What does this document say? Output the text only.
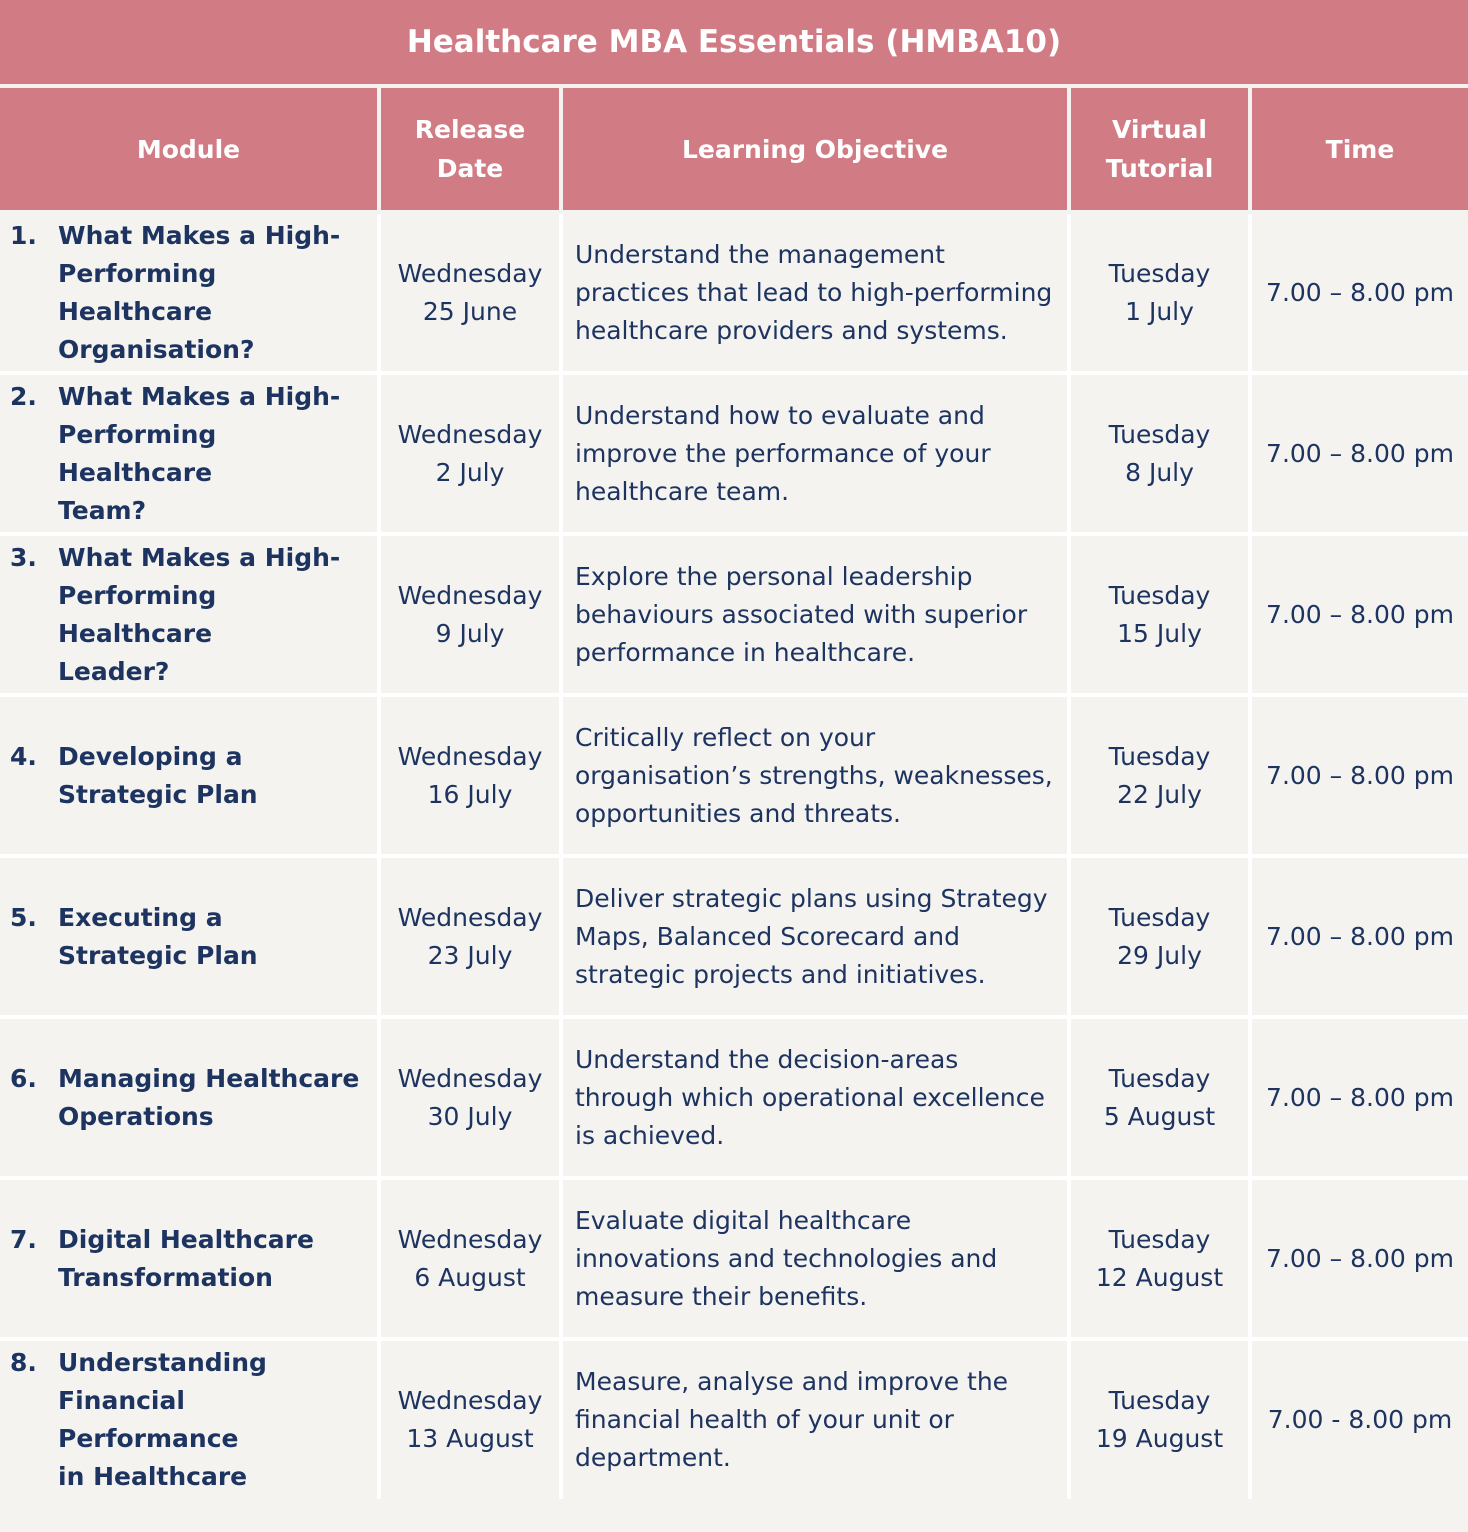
Healthcare MBA Essentials (HMBA10)
Module	Release
Date	Learning Objective	Virtual
Tutorial	Time

1. What Makes a High-
Performing Healthcare
Organisation?	Wednesday
25 June	Understand the management
practices that lead to high-performing
healthcare providers and systems.	Tuesday
1 July	7.00 – 8.00 pm

2. What Makes a High-
Performing Healthcare
Team?	Wednesday
2 July	Understand how to evaluate and
improve the performance of your
healthcare team.	Tuesday
8 July	7.00 – 8.00 pm

3. What Makes a High-
Performing Healthcare
Leader?	Wednesday
9 July	Explore the personal leadership
behaviours associated with superior
performance in healthcare.	Tuesday
15 July	7.00 – 8.00 pm

4. Developing a
Strategic Plan	Wednesday
16 July	Critically reflect on your
organisation’s strengths, weaknesses,
opportunities and threats.	Tuesday
22 July	7.00 – 8.00 pm

5. Executing a
Strategic Plan	Wednesday
23 July	Deliver strategic plans using Strategy
Maps, Balanced Scorecard and
strategic projects and initiatives.	Tuesday
29 July	7.00 – 8.00 pm

6. Managing Healthcare
Operations	Wednesday
30 July	Understand the decision-areas
through which operational excellence
is achieved.	Tuesday
5 August	7.00 – 8.00 pm

7. Digital Healthcare
Transformation	Wednesday
6 August	Evaluate digital healthcare
innovations and technologies and
measure their benefits.	Tuesday
12 August	7.00 – 8.00 pm

8. Understanding
Financial Performance
in Healthcare	Wednesday
13 August	Measure, analyse and improve the
financial health of your unit or
department.	Tuesday
19 August	7.00 - 8.00 pm
